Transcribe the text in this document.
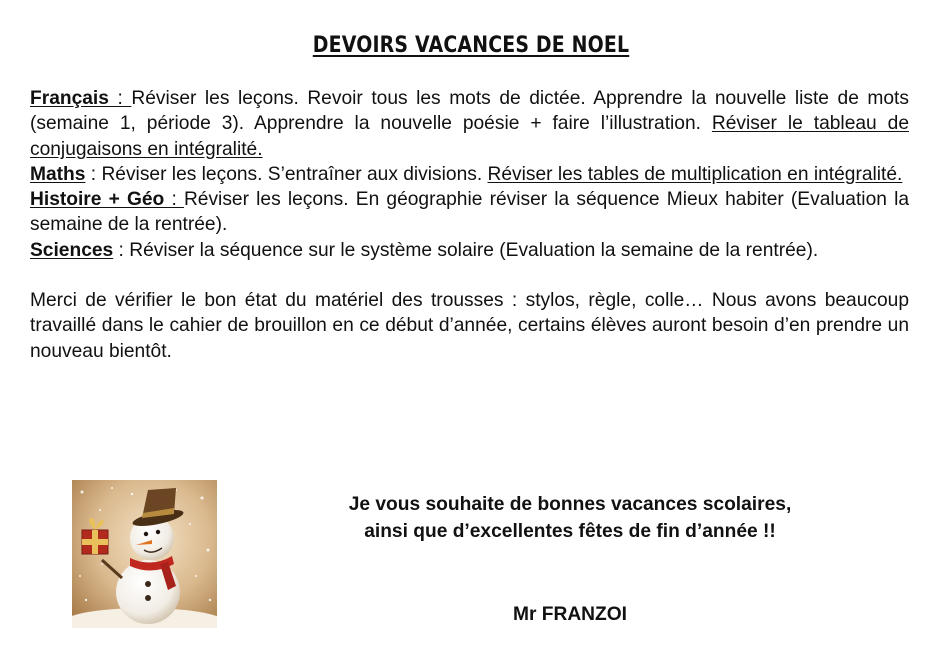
DEVOIRS VACANCES DE NOEL

Français : Réviser les leçons. Revoir tous les mots de dictée. Apprendre la nouvelle liste de mots (semaine 1, période 3). Apprendre la nouvelle poésie + faire l’illustration. Réviser le tableau de conjugaisons en intégralité.

Maths : Réviser les leçons. S’entraîner aux divisions. Réviser les tables de multiplication en intégralité.

Histoire + Géo : Réviser les leçons. En géographie réviser la séquence Mieux habiter (Evaluation la semaine de la rentrée).

Sciences : Réviser la séquence sur le système solaire (Evaluation la semaine de la rentrée).

Merci de vérifier le bon état du matériel des trousses : stylos, règle, colle… Nous avons beaucoup travaillé dans le cahier de brouillon en ce début d’année, certains élèves auront besoin d’en prendre un nouveau bientôt.

Je vous souhaite de bonnes vacances scolaires,
ainsi que d’excellentes fêtes de fin d’année !!
Mr FRANZOI
